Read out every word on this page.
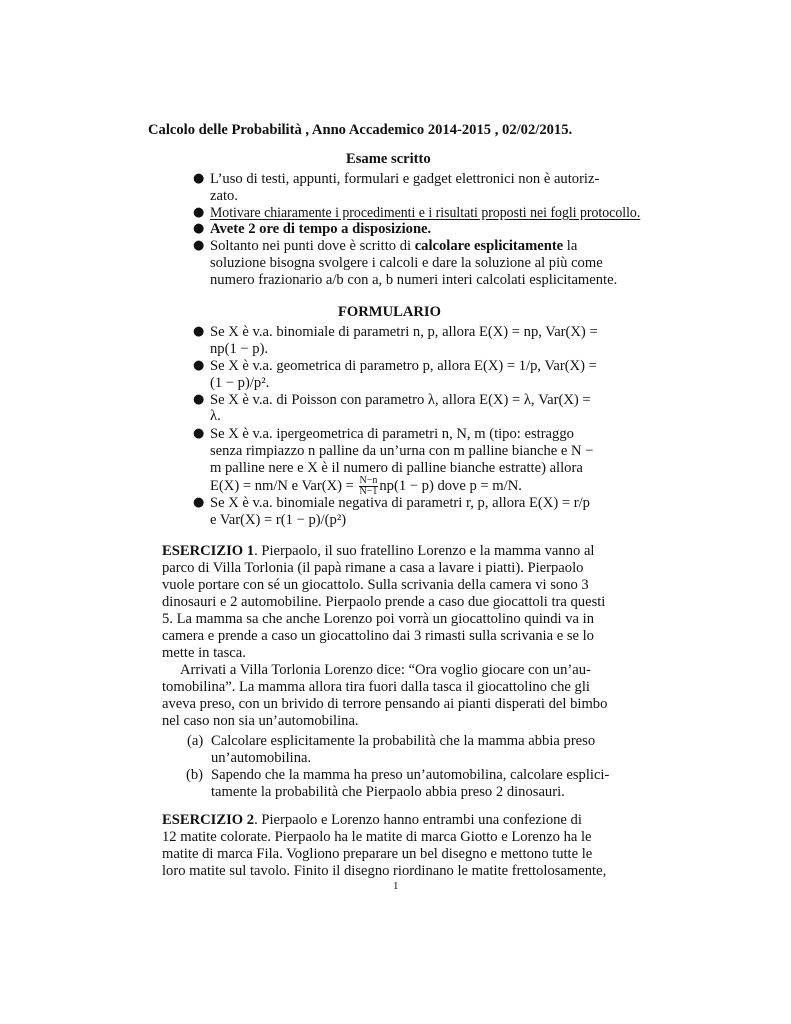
Calcolo delle Probabilità , Anno Accademico 2014-2015 , 02/02/2015.
Esame scritto
● L’uso di testi, appunti, formulari e gadget elettronici non è autoriz-
zato.
● Motivare chiaramente i procedimenti e i risultati proposti nei fogli protocollo.
● Avete 2 ore di tempo a disposizione.
● Soltanto nei punti dove è scritto di calcolare esplicitamente la
soluzione bisogna svolgere i calcoli e dare la soluzione al più come
numero frazionario a/b con a, b numeri interi calcolati esplicitamente.
FORMULARIO
● Se X è v.a. binomiale di parametri n, p, allora E(X) = np, Var(X) =
np(1 − p).
● Se X è v.a. geometrica di parametro p, allora E(X) = 1/p, Var(X) =
(1 − p)/p².
● Se X è v.a. di Poisson con parametro λ, allora E(X) = λ, Var(X) =
λ.
● Se X è v.a. ipergeometrica di parametri n, N, m (tipo: estraggo
senza rimpiazzo n palline da un’urna con m palline bianche e N −
m palline nere e X è il numero di palline bianche estratte) allora
E(X) = nm/N e $Var(X) = \frac{N-n}{N-1} np(1 - p)$ dove p = m/N.
● Se X è v.a. binomiale negativa di parametri r, p, allora E(X) = r/p
e Var(X) = r(1 − p)/(p²)
ESERCIZIO 1. Pierpaolo, il suo fratellino Lorenzo e la mamma vanno al
parco di Villa Torlonia (il papà rimane a casa a lavare i piatti). Pierpaolo
vuole portare con sé un giocattolo. Sulla scrivania della camera vi sono 3
dinosauri e 2 automobiline. Pierpaolo prende a caso due giocattoli tra questi
5. La mamma sa che anche Lorenzo poi vorrà un giocattolino quindi va in
camera e prende a caso un giocattolino dai 3 rimasti sulla scrivania e se lo
mette in tasca.
Arrivati a Villa Torlonia Lorenzo dice: “Ora voglio giocare con un’au-
tomobilina”. La mamma allora tira fuori dalla tasca il giocattolino che gli
aveva preso, con un brivido di terrore pensando ai pianti disperati del bimbo
nel caso non sia un’automobilina.
(a) Calcolare esplicitamente la probabilità che la mamma abbia preso
un’automobilina.
(b) Sapendo che la mamma ha preso un’automobilina, calcolare esplici-
tamente la probabilità che Pierpaolo abbia preso 2 dinosauri.
ESERCIZIO 2. Pierpaolo e Lorenzo hanno entrambi una confezione di
12 matite colorate. Pierpaolo ha le matite di marca Giotto e Lorenzo ha le
matite di marca Fila. Vogliono preparare un bel disegno e mettono tutte le
loro matite sul tavolo. Finito il disegno riordinano le matite frettolosamente,
1
